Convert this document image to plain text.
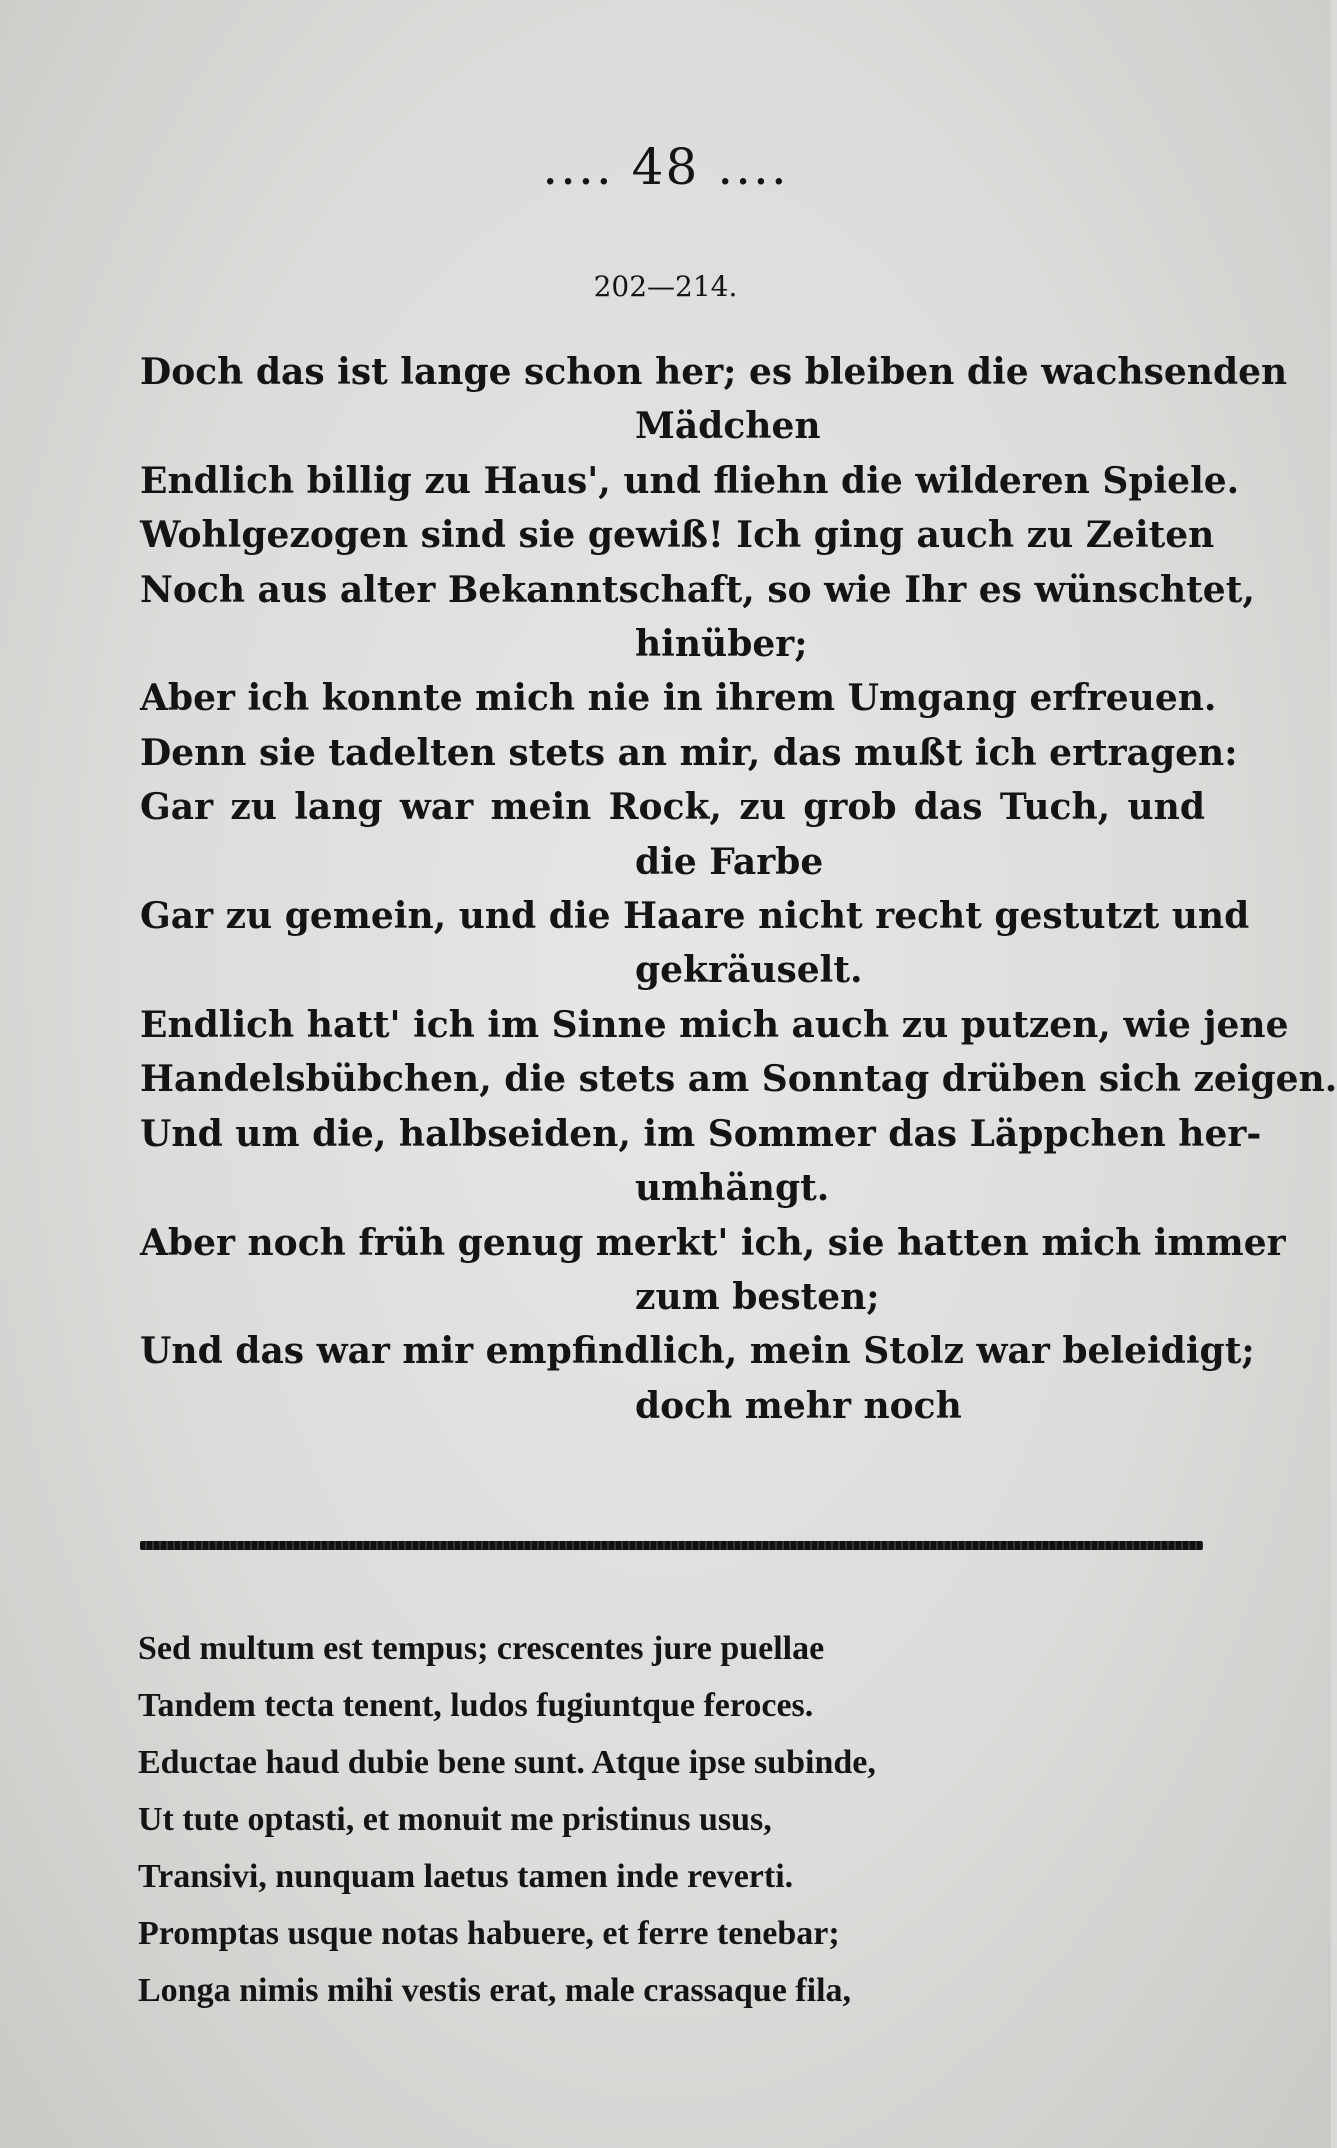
.... 48 ....
202—214.
Doch das ist lange schon her; es bleiben die wachsenden
Mädchen
Endlich billig zu Haus', und fliehn die wilderen Spiele.
Wohlgezogen sind sie gewiß! Ich ging auch zu Zeiten
Noch aus alter Bekanntschaft, so wie Ihr es wünschtet,
hinüber;
Aber ich konnte mich nie in ihrem Umgang erfreuen.
Denn sie tadelten stets an mir, das mußt ich ertragen:
Gar zu lang war mein Rock, zu grob das Tuch, und
die Farbe
Gar zu gemein, und die Haare nicht recht gestutzt und
gekräuselt.
Endlich hatt' ich im Sinne mich auch zu putzen, wie jene
Handelsbübchen, die stets am Sonntag drüben sich zeigen.
Und um die, halbseiden, im Sommer das Läppchen her-
umhängt.
Aber noch früh genug merkt' ich, sie hatten mich immer
zum besten;
Und das war mir empfindlich, mein Stolz war beleidigt;
doch mehr noch
Sed multum est tempus; crescentes jure puellae
Tandem tecta tenent, ludos fugiuntque feroces.
Eductae haud dubie bene sunt. Atque ipse subinde,
Ut tute optasti, et monuit me pristinus usus,
Transivi, nunquam laetus tamen inde reverti.
Promptas usque notas habuere, et ferre tenebar;
Longa nimis mihi vestis erat, male crassaque fila,
